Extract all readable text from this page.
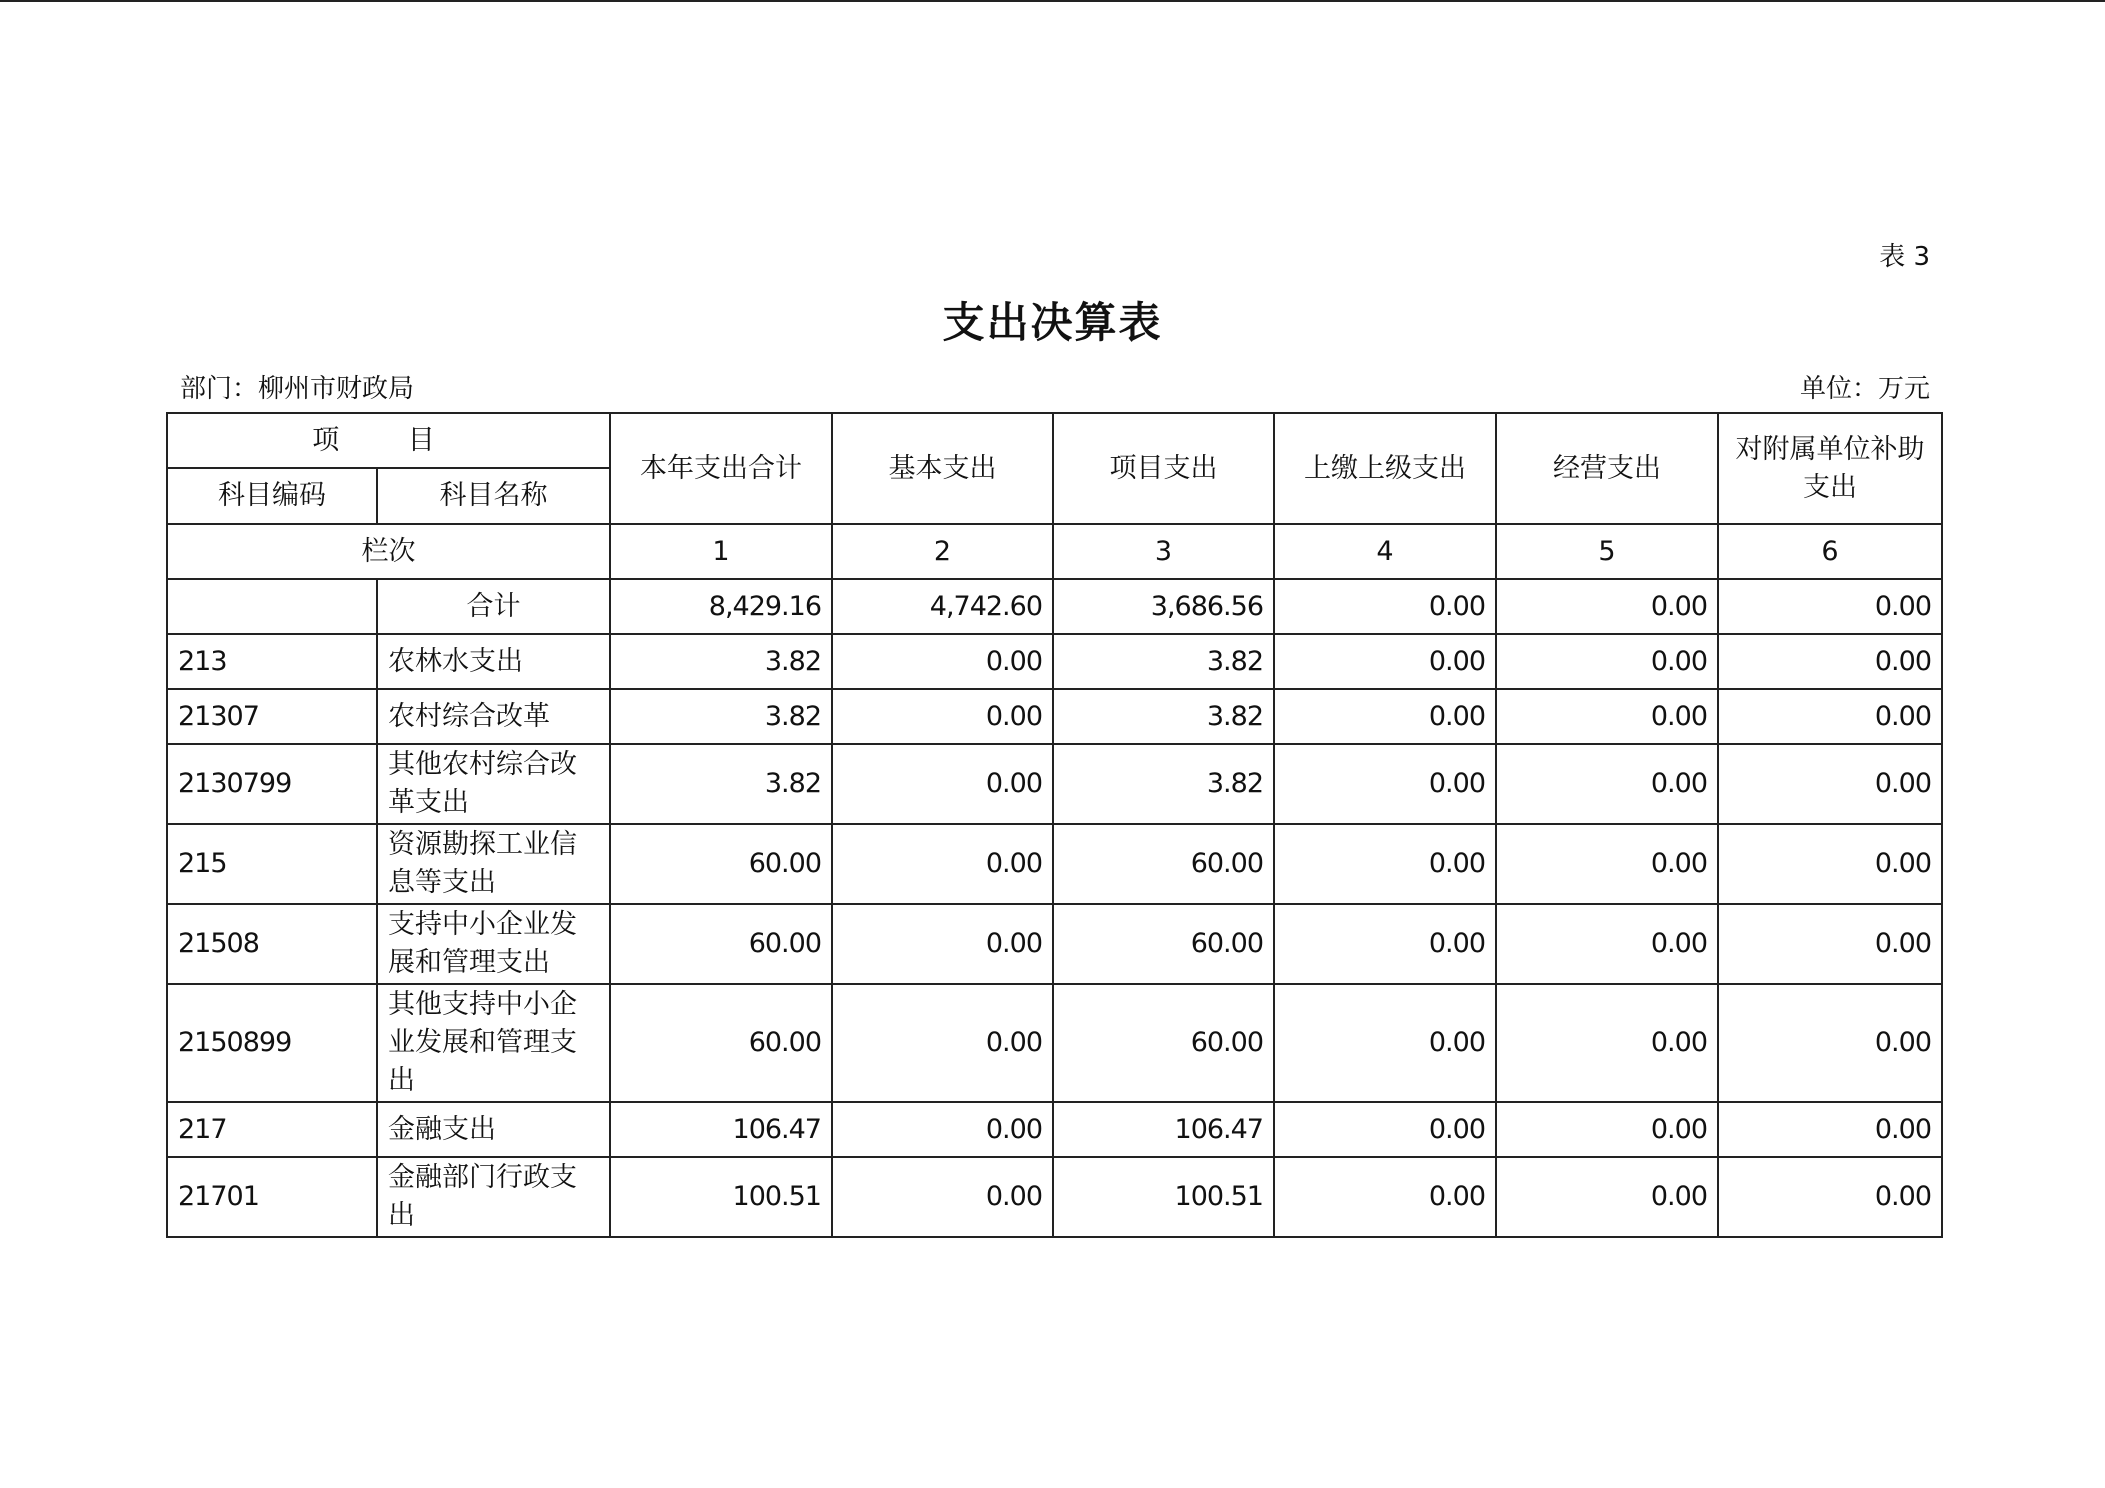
表 3
支出决算表
部门：柳州市财政局	单位：万元
项 目		本年支出合计	基本支出	项目支出	上缴上级支出	经营支出	对附属单位补助支出
科目编码	科目名称						
栏次		1	2	3	4	5	6
	合计	8,429.16	4,742.60	3,686.56	0.00	0.00	0.00
213	农林水支出	3.82	0.00	3.82	0.00	0.00	0.00
21307	农村综合改革	3.82	0.00	3.82	0.00	0.00	0.00
2130799	其他农村综合改革支出	3.82	0.00	3.82	0.00	0.00	0.00
215	资源勘探工业信息等支出	60.00	0.00	60.00	0.00	0.00	0.00
21508	支持中小企业发展和管理支出	60.00	0.00	60.00	0.00	0.00	0.00
2150899	其他支持中小企业发展和管理支出	60.00	0.00	60.00	0.00	0.00	0.00
217	金融支出	106.47	0.00	106.47	0.00	0.00	0.00
21701	金融部门行政支出	100.51	0.00	100.51	0.00	0.00	0.00
